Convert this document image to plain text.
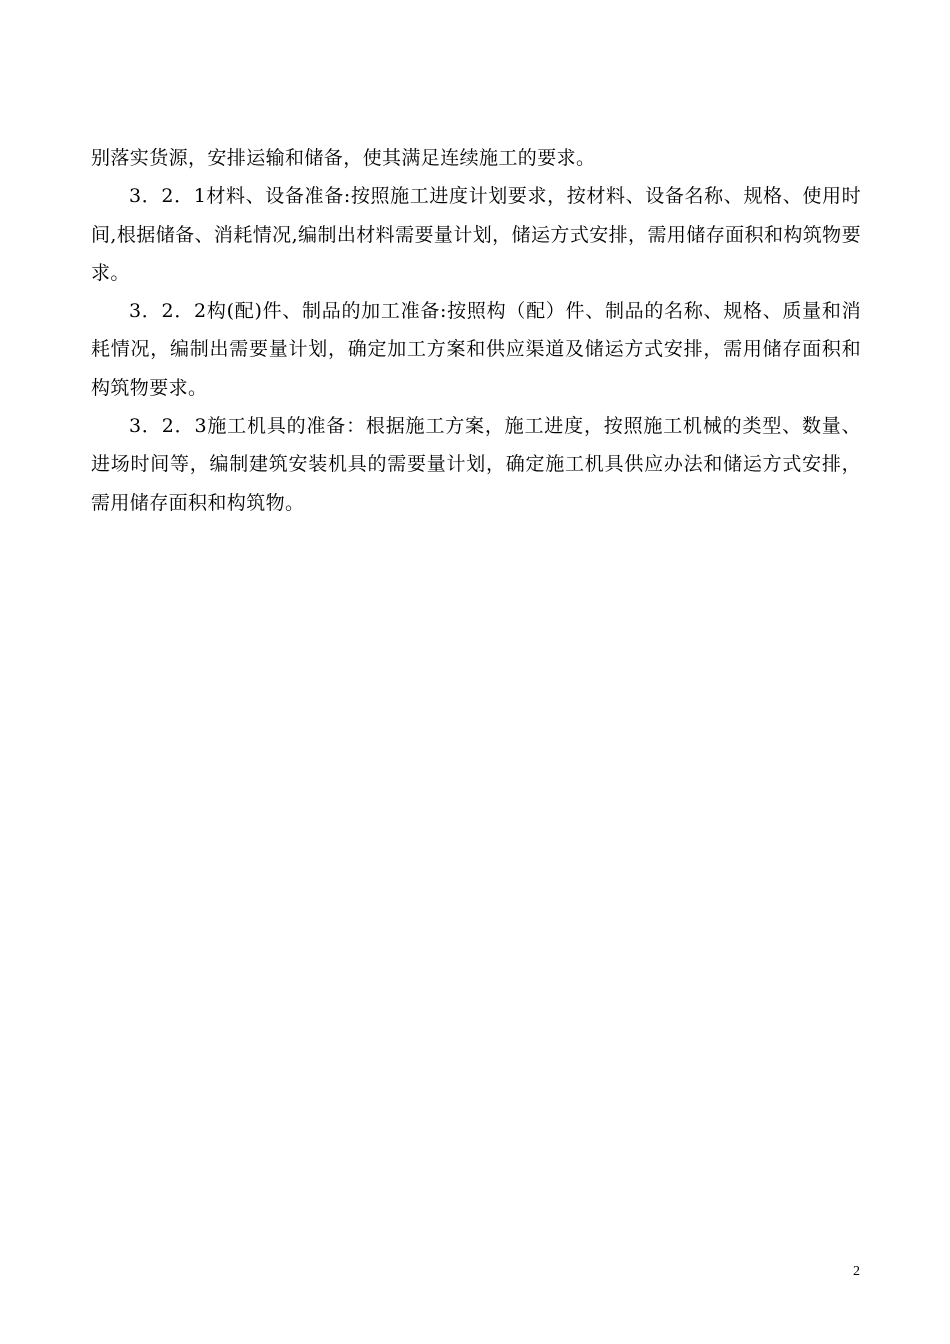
别落实货源，安排运输和储备，使其满足连续施工的要求。

3．2．1材料、设备准备:按照施工进度计划要求，按材料、设备名称、规格、使用时间,根据储备、消耗情况,编制出材料需要量计划，储运方式安排，需用储存面积和构筑物要求。

3．2．2构(配)件、制品的加工准备:按照构（配）件、制品的名称、规格、质量和消耗情况，编制出需要量计划，确定加工方案和供应渠道及储运方式安排，需用储存面积和构筑物要求。

3．2．3施工机具的准备：根据施工方案，施工进度，按照施工机械的类型、数量、进场时间等，编制建筑安装机具的需要量计划，确定施工机具供应办法和储运方式安排，需用储存面积和构筑物。

2
